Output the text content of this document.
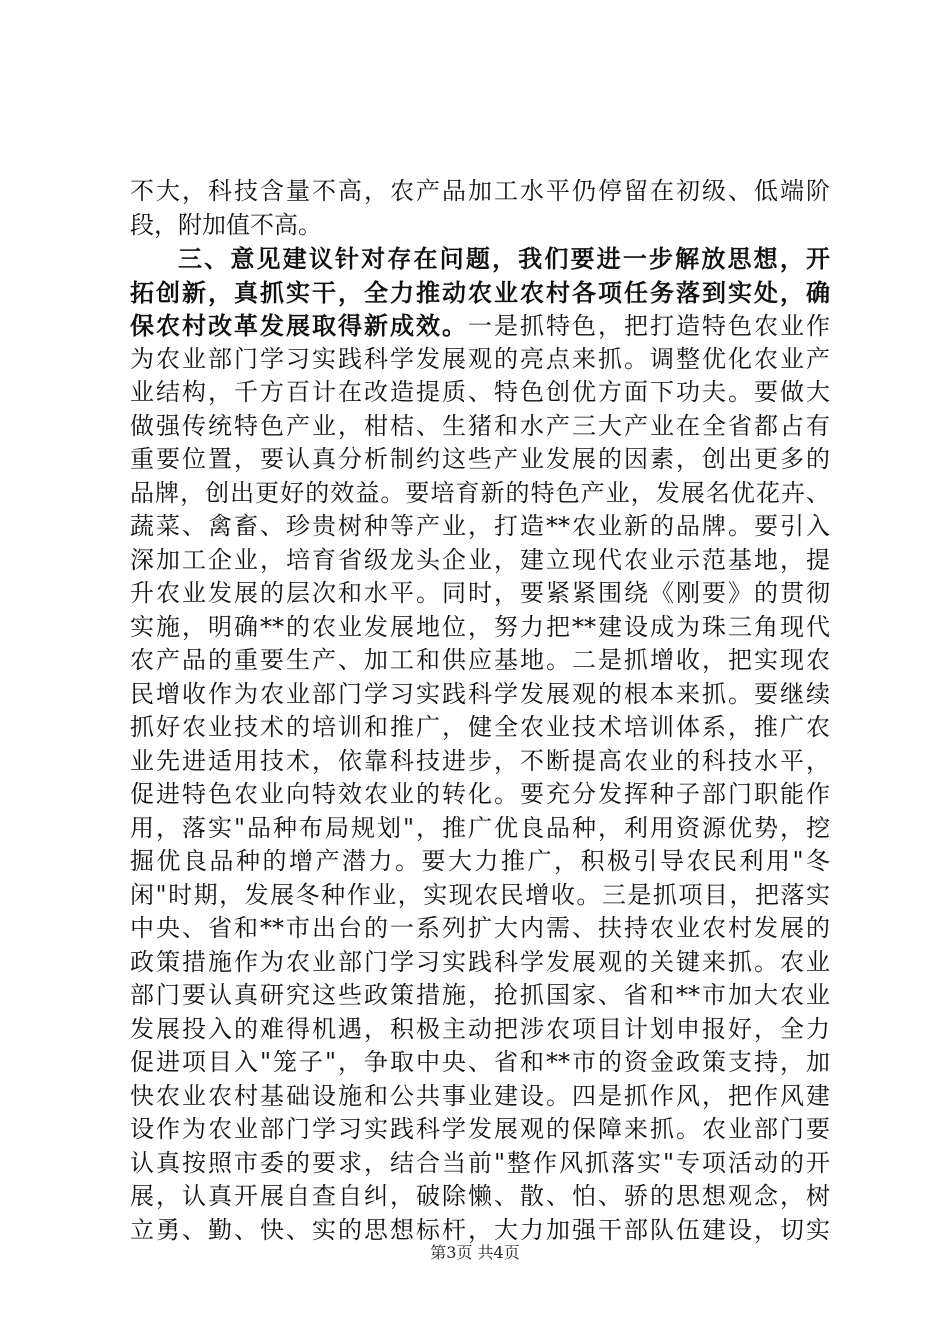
不大，科技含量不高，农产品加工水平仍停留在初级、低端阶
段，附加值不高。
三、意见建议针对存在问题，我们要进一步解放思想，开
拓创新，真抓实干，全力推动农业农村各项任务落到实处，确
保农村改革发展取得新成效。一是抓特色，把打造特色农业作
为农业部门学习实践科学发展观的亮点来抓。调整优化农业产
业结构，千方百计在改造提质、特色创优方面下功夫。要做大
做强传统特色产业，柑桔、生猪和水产三大产业在全省都占有
重要位置，要认真分析制约这些产业发展的因素，创出更多的
品牌，创出更好的效益。要培育新的特色产业，发展名优花卉、
蔬菜、禽畜、珍贵树种等产业，打造**农业新的品牌。要引入
深加工企业，培育省级龙头企业，建立现代农业示范基地，提
升农业发展的层次和水平。同时，要紧紧围绕《刚要》的贯彻
实施，明确**的农业发展地位，努力把**建设成为珠三角现代
农产品的重要生产、加工和供应基地。二是抓增收，把实现农
民增收作为农业部门学习实践科学发展观的根本来抓。要继续
抓好农业技术的培训和推广，健全农业技术培训体系，推广农
业先进适用技术，依靠科技进步，不断提高农业的科技水平，
促进特色农业向特效农业的转化。要充分发挥种子部门职能作
用，落实"品种布局规划"，推广优良品种，利用资源优势，挖
掘优良品种的增产潜力。要大力推广，积极引导农民利用"冬
闲"时期，发展冬种作业，实现农民增收。三是抓项目，把落实
中央、省和**市出台的一系列扩大内需、扶持农业农村发展的
政策措施作为农业部门学习实践科学发展观的关键来抓。农业
部门要认真研究这些政策措施，抢抓国家、省和**市加大农业
发展投入的难得机遇，积极主动把涉农项目计划申报好，全力
促进项目入"笼子"，争取中央、省和**市的资金政策支持，加
快农业农村基础设施和公共事业建设。四是抓作风，把作风建
设作为农业部门学习实践科学发展观的保障来抓。农业部门要
认真按照市委的要求，结合当前"整作风抓落实"专项活动的开
展，认真开展自查自纠，破除懒、散、怕、骄的思想观念，树
立勇、勤、快、实的思想标杆，大力加强干部队伍建设，切实
第3页 共4页
